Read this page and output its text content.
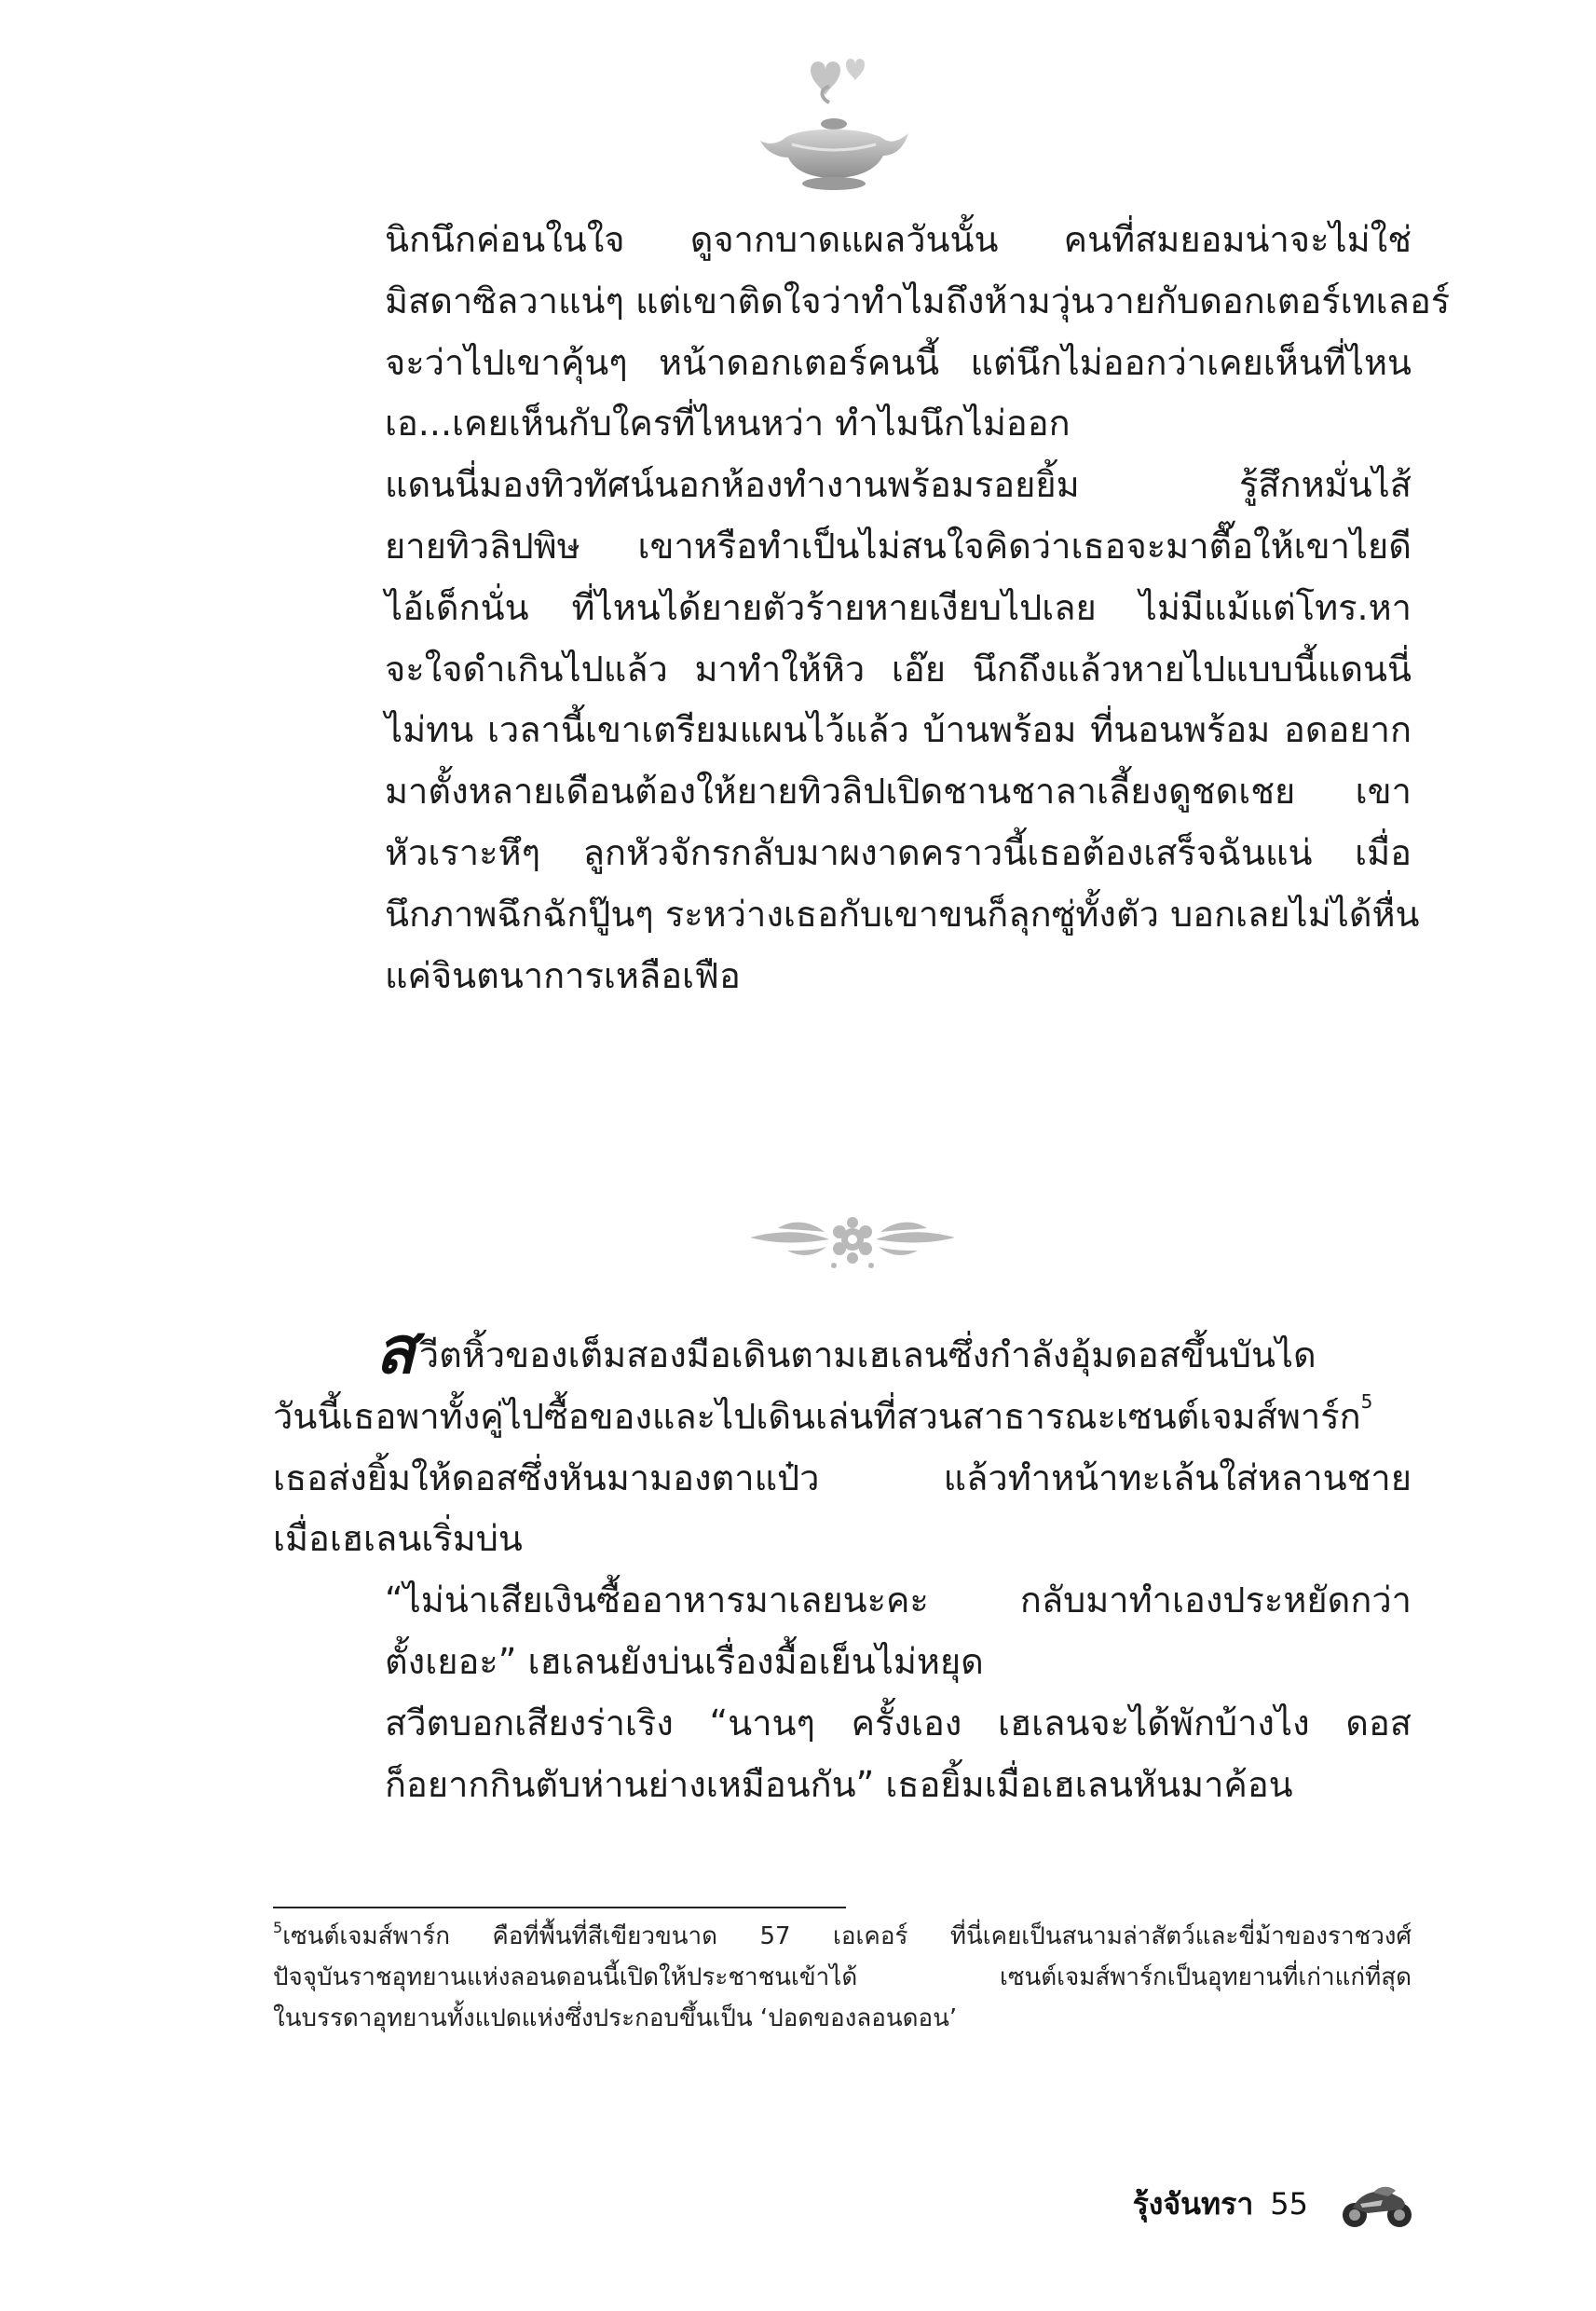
นิกนึกค่อนในใจ ดูจากบาดแผลวันนั้น คนที่สมยอมน่าจะไม่ใช่
มิสดาซิลวาแน่ๆ แต่เขาติดใจว่าทำไมถึงห้ามวุ่นวายกับดอกเตอร์เทเลอร์
จะว่าไปเขาคุ้นๆ หน้าดอกเตอร์คนนี้ แต่นึกไม่ออกว่าเคยเห็นที่ไหน
เอ...เคยเห็นกับใครที่ไหนหว่า ทำไมนึกไม่ออก

แดนนี่มองทิวทัศน์นอกห้องทำงานพร้อมรอยยิ้ม รู้สึกหมั่นไส้
ยายทิวลิปพิษ เขาหรือทำเป็นไม่สนใจคิดว่าเธอจะมาตื๊อให้เขาไยดี
ไอ้เด็กนั่น ที่ไหนได้ยายตัวร้ายหายเงียบไปเลย ไม่มีแม้แต่โทร.หา
จะใจดำเกินไปแล้ว มาทำให้หิว เอ๊ย นึกถึงแล้วหายไปแบบนี้แดนนี่
ไม่ทน เวลานี้เขาเตรียมแผนไว้แล้ว บ้านพร้อม ที่นอนพร้อม อดอยาก
มาตั้งหลายเดือนต้องให้ยายทิวลิปเปิดชานชาลาเลี้ยงดูชดเชย เขา
หัวเราะหึๆ ลูกหัวจักรกลับมาผงาดคราวนี้เธอต้องเสร็จฉันแน่ เมื่อ
นึกภาพฉึกฉักปู๊นๆ ระหว่างเธอกับเขาขนก็ลุกซู่ทั้งตัว บอกเลยไม่ได้หื่น
แค่จินตนาการเหลือเฟือ

สวีตหิ้วของเต็มสองมือเดินตามเฮเลนซึ่งกำลังอุ้มดอสขึ้นบันได
วันนี้เธอพาทั้งคู่ไปซื้อของและไปเดินเล่นที่สวนสาธารณะเซนต์เจมส์พาร์ก$^5$
เธอส่งยิ้มให้ดอสซึ่งหันมามองตาแป๋ว แล้วทำหน้าทะเล้นใส่หลานชาย
เมื่อเฮเลนเริ่มบ่น

“ไม่น่าเสียเงินซื้ออาหารมาเลยนะคะ กลับมาทำเองประหยัดกว่า
ตั้งเยอะ” เฮเลนยังบ่นเรื่องมื้อเย็นไม่หยุด

สวีตบอกเสียงร่าเริง “นานๆ ครั้งเอง เฮเลนจะได้พักบ้างไง ดอส
ก็อยากกินตับห่านย่างเหมือนกัน” เธอยิ้มเมื่อเฮเลนหันมาค้อน

$^5$เซนต์เจมส์พาร์ก คือที่พื้นที่สีเขียวขนาด 57 เอเคอร์ ที่นี่เคยเป็นสนามล่าสัตว์และขี่ม้าของราชวงศ์
ปัจจุบันราชอุทยานแห่งลอนดอนนี้เปิดให้ประชาชนเข้าได้ เซนต์เจมส์พาร์กเป็นอุทยานที่เก่าแก่ที่สุด
ในบรรดาอุทยานทั้งแปดแห่งซึ่งประกอบขึ้นเป็น ‘ปอดของลอนดอน’
รุ้งจันทรา 55
